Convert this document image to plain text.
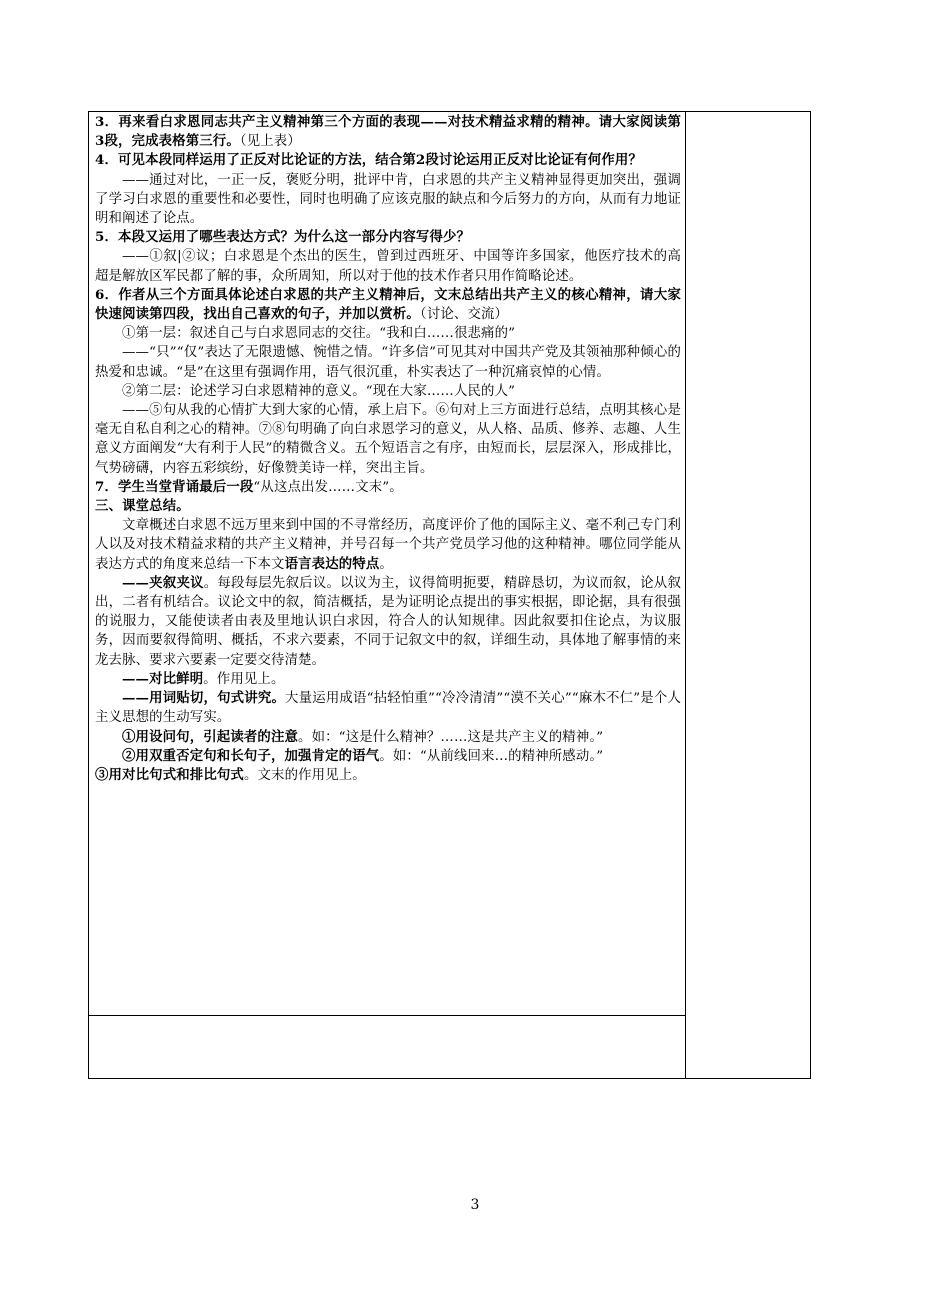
3．再来看白求恩同志共产主义精神第三个方面的表现——对技术精益求精的精神。请大家阅读第3段，完成表格第三行。（见上表）

4．可见本段同样运用了正反对比论证的方法，结合第2段讨论运用正反对比论证有何作用？

——通过对比，一正一反，褒贬分明，批评中肯，白求恩的共产主义精神显得更加突出，强调了学习白求恩的重要性和必要性，同时也明确了应该克服的缺点和今后努力的方向，从而有力地证明和阐述了论点。

5．本段又运用了哪些表达方式？为什么这一部分内容写得少？

——①叙|②议；白求恩是个杰出的医生，曾到过西班牙、中国等许多国家，他医疗技术的高超是解放区军民都了解的事，众所周知，所以对于他的技术作者只用作简略论述。

6．作者从三个方面具体论述白求恩的共产主义精神后，文末总结出共产主义的核心精神，请大家快速阅读第四段，找出自己喜欢的句子，并加以赏析。（讨论、交流）

①第一层：叙述自己与白求恩同志的交往。“我和白……很悲痛的”

——“只”“仅”表达了无限遗憾、惋惜之情。“许多信”可见其对中国共产党及其领袖那种倾心的热爱和忠诚。“是”在这里有强调作用，语气很沉重，朴实表达了一种沉痛哀悼的心情。

②第二层：论述学习白求恩精神的意义。“现在大家……人民的人”

——⑤句从我的心情扩大到大家的心情，承上启下。⑥句对上三方面进行总结，点明其核心是毫无自私自利之心的精神。⑦⑧句明确了向白求恩学习的意义，从人格、品质、修养、志趣、人生意义方面阐发“大有利于人民”的精微含义。五个短语言之有序，由短而长，层层深入，形成排比，气势磅礴，内容五彩缤纷，好像赞美诗一样，突出主旨。

7．学生当堂背诵最后一段“从这点出发……文末”。

三、课堂总结。

文章概述白求恩不远万里来到中国的不寻常经历，高度评价了他的国际主义、毫不利己专门利人以及对技术精益求精的共产主义精神，并号召每一个共产党员学习他的这种精神。哪位同学能从表达方式的角度来总结一下本文语言表达的特点。

——夹叙夹议。每段每层先叙后议。以议为主，议得简明扼要，精辟恳切，为议而叙，论从叙出，二者有机结合。议论文中的叙，简洁概括，是为证明论点提出的事实根据，即论据，具有很强的说服力，又能使读者由表及里地认识白求因，符合人的认知规律。因此叙要扣住论点，为议服务，因而要叙得简明、概括，不求六要素，不同于记叙文中的叙，详细生动，具体地了解事情的来龙去脉、要求六要素一定要交待清楚。

——对比鲜明。作用见上。

——用词贴切，句式讲究。大量运用成语“拈轻怕重”“冷冷清清”“漠不关心”“麻木不仁”是个人主义思想的生动写实。

①用设问句，引起读者的注意。如：“这是什么精神？……这是共产主义的精神。”

②用双重否定句和长句子，加强肯定的语气。如：“从前线回来…的精神所感动。”

③用对比句式和排比句式。文末的作用见上。

3
